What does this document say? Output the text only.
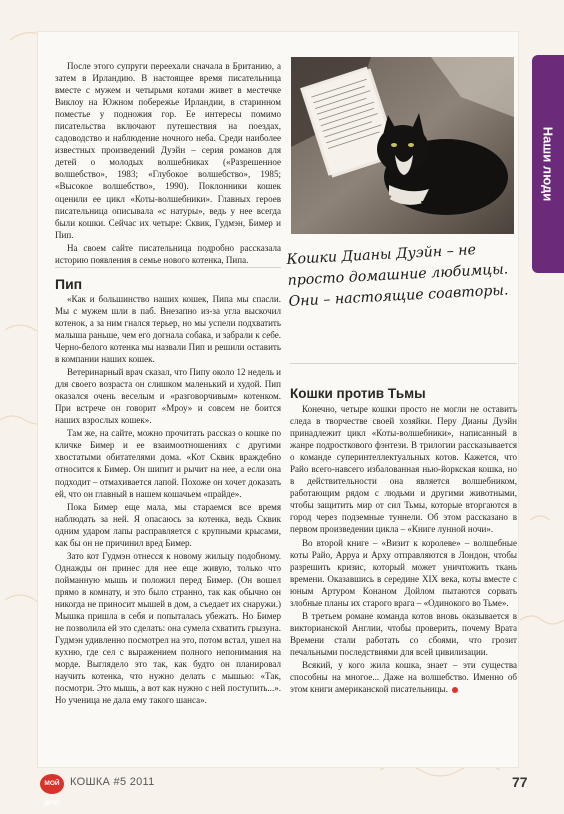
Наши люди
Кошки Дианы Дуэйн – не просто домашние любимцы. Они – настоящие соавторы.

После этого супруги переехали сначала в Британию, а затем в Ирландию. В настоящее время писательница вместе с мужем и четырьмя котами живет в местечке Виклоу на Южном побережье Ирландии, в старинном поместье у подножия гор. Ее интересы помимо писательства включают путешествия на поездах, садоводство и наблюдение ночного неба. Среди наиболее известных произведений Дуэйн – серия романов для детей о молодых волшебниках («Разрешенное волшебство», 1983; «Глубокое волшебство», 1985; «Высокое волшебство», 1990). Поклонники кошек оценили ее цикл «Коты-волшебники». Главных героев писательница описывала «с натуры», ведь у нее всегда были кошки. Сейчас их четыре: Сквик, Гудмэн, Бимер и Пип.

На своем сайте писательница подробно рассказала историю появления в семье нового котенка, Пипа.

Пип

«Как и большинство наших кошек, Пипа мы спасли. Мы с мужем шли в паб. Внезапно из-за угла выскочил котенок, а за ним гнался терьер, но мы успели подхватить малыша раньше, чем его догнала собака, и забрали к себе. Черно-белого котенка мы назвали Пип и решили оставить в компании наших кошек.

Ветеринарный врач сказал, что Пипу около 12 недель и для своего возраста он слишком маленький и худой. Пип оказался очень веселым и «разговорчивым» котенком. При встрече он говорит «Мроу» и совсем не боится наших взрослых кошек».

Там же, на сайте, можно прочитать рассказ о кошке по кличке Бимер и ее взаимоотношениях с другими хвостатыми обитателями дома. «Кот Сквик враждебно относится к Бимер. Он шипит и рычит на нее, а если она подходит – отмахивается лапой. Похоже он хочет доказать ей, что он главный в нашем кошачьем «прайде».

Пока Бимер еще мала, мы стараемся все время наблюдать за ней. Я опасаюсь за котенка, ведь Сквик одним ударом лапы расправляется с крупными крысами, как бы он не причинил вред Бимер.

Зато кот Гудмэн отнесся к новому жильцу подобному. Однажды он принес для нее еще живую, только что пойманную мышь и положил перед Бимер. (Он вошел прямо в комнату, и это было странно, так как обычно он никогда не приносит мышей в дом, а съедает их снаружи.) Мышка пришла в себя и попыталась убежать. Но Бимер не позволила ей это сделать: она сумела схватить грызуна. Гудмэн удивленно посмотрел на это, потом встал, ушел на кухню, где сел с выражением полного непонимания на морде. Выглядело это так, как будто он планировал научить котенка, что нужно делать с мышью: «Так, посмотри. Это мышь, а вот как нужно с ней поступить...». Но ученица не дала ему такого шанса».

Кошки против Тьмы

Конечно, четыре кошки просто не могли не оставить следа в творчестве своей хозяйки. Перу Дианы Дуэйн принадлежит цикл «Коты-волшебники», написанный в жанре подросткового фэнтези. В трилогии рассказывается о команде суперинтеллектуальных котов. Кажется, что Райо всего-навсего избалованная нью-йоркская кошка, но в действительности она является волшебником, работающим рядом с людьми и другими животными, чтобы защитить мир от сил Тьмы, которые вторгаются в город через подземные туннели. Об этом рассказано в первом произведении цикла – «Книге лунной ночи».

Во второй книге – «Визит к королеве» – волшебные коты Райо, Арруа и Арху отправляются в Лондон, чтобы разрешить кризис, который может уничтожить ткань времени. Оказавшись в середине XIX века, коты вместе с юным Артуром Конаном Дойлом пытаются сорвать злобные планы их старого врага – «Одинокого во Тьме».

В третьем романе команда котов вновь оказывается в викторианской Англии, чтобы проверить, почему Врата Времени стали работать со сбоями, что грозит печальными последствиями для всей цивилизации.

Всякий, у кого жила кошка, знает – эти существа способны на многое... Даже на волшебство. Именно об этом книги американской писательницы.

МОЙ ДРУГ
КОШКА #5 2011	77
